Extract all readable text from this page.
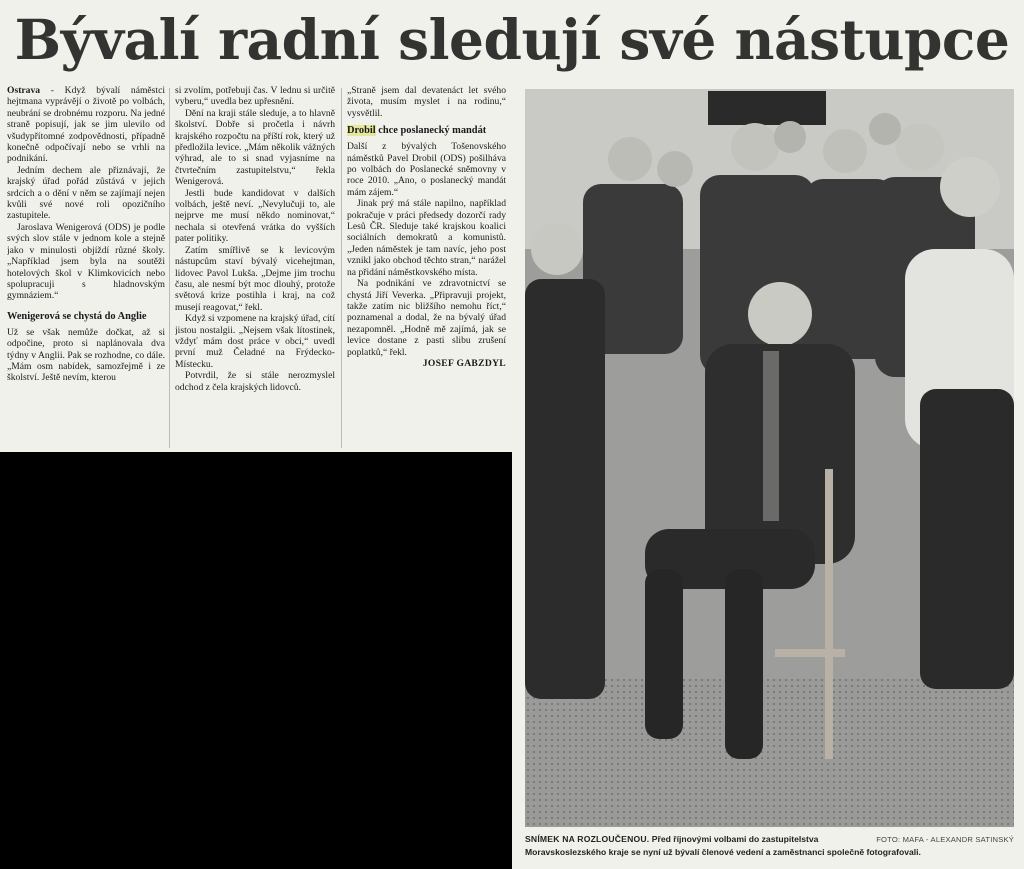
Bývalí radní sledují své nástupce

Ostrava - Když bývalí náměstci hejtmana vyprávějí o životě po volbách, neubrání se drobnému rozporu. Na jedné straně popisují, jak se jim ulevilo od všudypřítomné zodpovědnosti, případně konečně odpočívají nebo se vrhli na podnikání.

Jedním dechem ale přiznávají, že krajský úřad pořád zůstává v jejich srdcích a o dění v něm se zajímají nejen kvůli své nové roli opozičního zastupitele.

Jaroslava Wenigerová (ODS) je podle svých slov stále v jednom kole a stejně jako v minulosti objíždí různé školy. „Například jsem byla na soutěži hotelových škol v Klimkovicích nebo spolupracuji s hladnovským gymnáziem.“

Wenigerová se chystá do Anglie

Už se však nemůže dočkat, až si odpočine, proto si naplánovala dva týdny v Anglii. Pak se rozhodne, co dále. „Mám osm nabídek, samozřejmě i ze školství. Ještě nevím, kterou

si zvolím, potřebuji čas. V lednu si určitě vyberu,“ uvedla bez upřesnění.

Dění na kraji stále sleduje, a to hlavně školství. Dobře si pročetla i návrh krajského rozpočtu na příští rok, který už předložila levice. „Mám několik vážných výhrad, ale to si snad vyjasníme na čtvrtečním zastupitelstvu,“ řekla Wenigerová.

Jestli bude kandidovat v dalších volbách, ještě neví. „Nevylučuji to, ale nejprve me musí někdo nominovat,“ nechala si otevřená vrátka do vyšších pater politiky.

Zatím smířlivě se k levicovým nástupcům staví bývalý vicehejtman, lidovec Pavol Lukša. „Dejme jim trochu času, ale nesmí být moc dlouhý, protože světová krize postihla i kraj, na což musejí reagovat,“ řekl.

Když si vzpomene na krajský úřad, cítí jistou nostalgii. „Nejsem však lítostinek, vždyť mám dost práce v obci,“ uvedl první muž Čeladné na Frýdecko-Místecku.

Potvrdil, že si stále nerozmyslel odchod z čela krajských lidovců.

„Straně jsem dal devatenáct let svého života, musím myslet i na rodinu,“ vysvětlil.

Drobil chce poslanecký mandát

Další z bývalých Tošenovského náměstků Pavel Drobil (ODS) pošilháva po volbách do Poslanecké sněmovny v roce 2010. „Ano, o poslanecký mandát mám zájem.“

Jinak prý má stále napilno, například pokračuje v práci předsedy dozorčí rady Lesů ČR. Sleduje také krajskou koalici sociálních demokratů a komunistů. „Jeden náměstek je tam navíc, jeho post vznikl jako obchod těchto stran,“ narážel na přidání náměstkovského místa.

Na podnikání ve zdravotnictví se chystá Jiří Veverka. „Připravuji projekt, takže zatím nic bližšího nemohu říct,“ poznamenal a dodal, že na bývalý úřad nezapomněl. „Hodně mě zajímá, jak se levice dostane z pasti slibu zrušení poplatků,“ řekl.

JOSEF GABZDYL

FOTO: MAFA - ALEXANDR SATINSKÝ
SNÍMEK NA ROZLOUČENOU. Před říjnovými volbami do zastupitelstva Moravskoslezského kraje se nyní už bývalí členové vedení a zaměstnanci společně fotografovali.
